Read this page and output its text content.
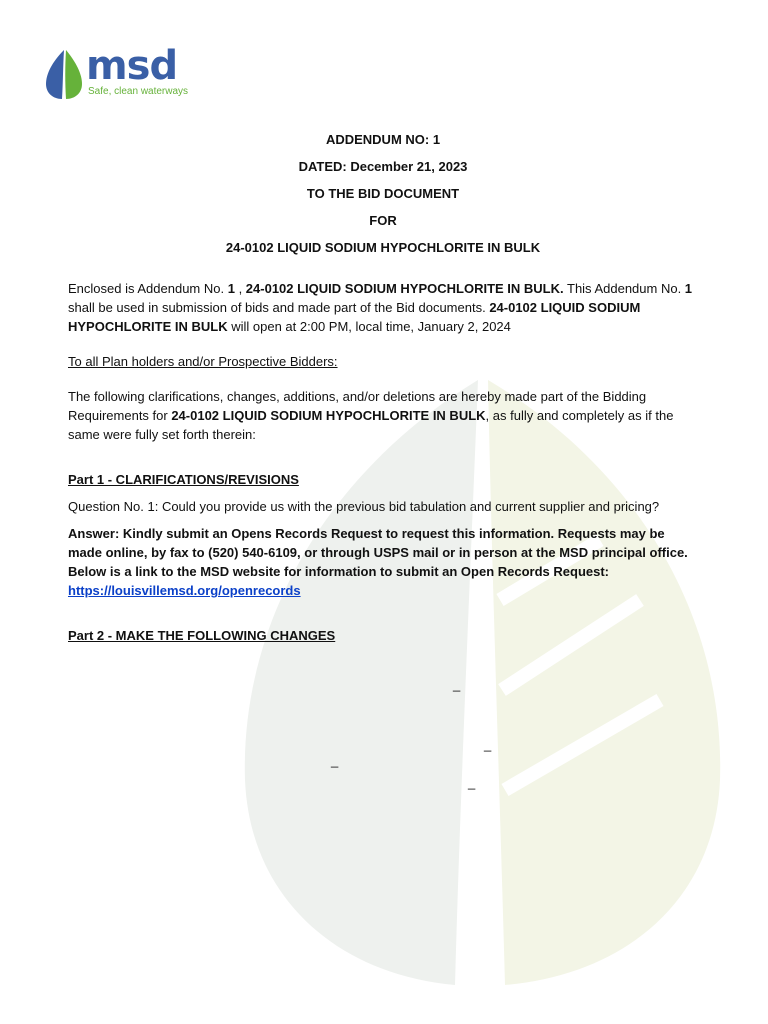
msd
Safe, clean waterways
ADDENDUM NO: 1
DATED: December 21, 2023
TO THE BID DOCUMENT
FOR
24-0102 LIQUID SODIUM HYPOCHLORITE IN BULK

Enclosed is Addendum No. 1 , 24-0102 LIQUID SODIUM HYPOCHLORITE IN BULK. This Addendum No. 1 shall be used in submission of bids and made part of the Bid documents. 24-0102 LIQUID SODIUM HYPOCHLORITE IN BULK will open at 2:00 PM, local time, January 2, 2024

To all Plan holders and/or Prospective Bidders:

The following clarifications, changes, additions, and/or deletions are hereby made part of the Bidding Requirements for 24-0102 LIQUID SODIUM HYPOCHLORITE IN BULK, as fully and completely as if the same were fully set forth therein:

Part 1 - CLARIFICATIONS/REVISIONS

Question No. 1: Could you provide us with the previous bid tabulation and current supplier and pricing?

Answer: Kindly submit an Opens Records Request to request this information. Requests may be made online, by fax to (520) 540-6109, or through USPS mail or in person at the MSD principal office. Below is a link to the MSD website for information to submit an Open Records Request:
https://louisvillemsd.org/openrecords

Part 2 - MAKE THE FOLLOWING CHANGES

_
_
_
_
